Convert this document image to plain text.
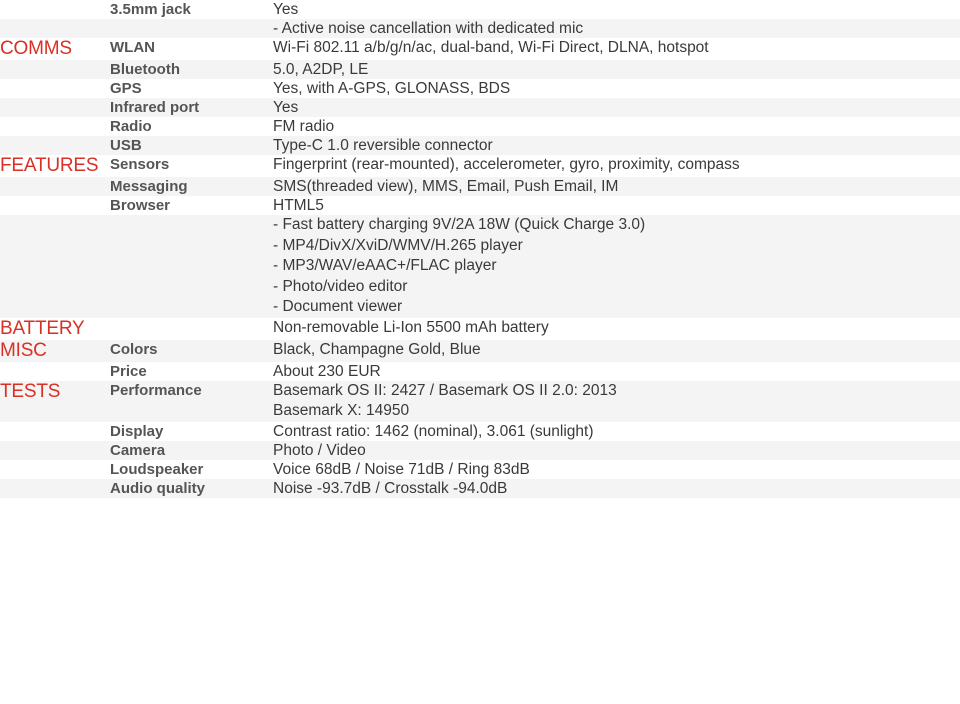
	3.5mm jack	Yes
		- Active noise cancellation with dedicated mic
COMMS	WLAN	Wi-Fi 802.11 a/b/g/n/ac, dual-band, Wi-Fi Direct, DLNA, hotspot
	Bluetooth	5.0, A2DP, LE
	GPS	Yes, with A-GPS, GLONASS, BDS
	Infrared port	Yes
	Radio	FM radio
	USB	Type-C 1.0 reversible connector
FEATURES	Sensors	Fingerprint (rear-mounted), accelerometer, gyro, proximity, compass
	Messaging	SMS(threaded view), MMS, Email, Push Email, IM
	Browser	HTML5

		- Fast battery charging 9V/2A 18W (Quick Charge 3.0)
- MP4/DivX/XviD/WMV/H.265 player
- MP3/WAV/eAAC+/FLAC player
- Photo/video editor
- Document viewer

BATTERY		Non-removable Li-Ion 5500 mAh battery
MISC	Colors	Black, Champagne Gold, Blue
	Price	About 230 EUR
TESTS	Performance	Basemark OS II: 2427 / Basemark OS II 2.0: 2013
Basemark X: 14950

	Display	Contrast ratio: 1462 (nominal), 3.061 (sunlight)
	Camera	Photo / Video
	Loudspeaker	Voice 68dB / Noise 71dB / Ring 83dB
	Audio quality	Noise -93.7dB / Crosstalk -94.0dB
